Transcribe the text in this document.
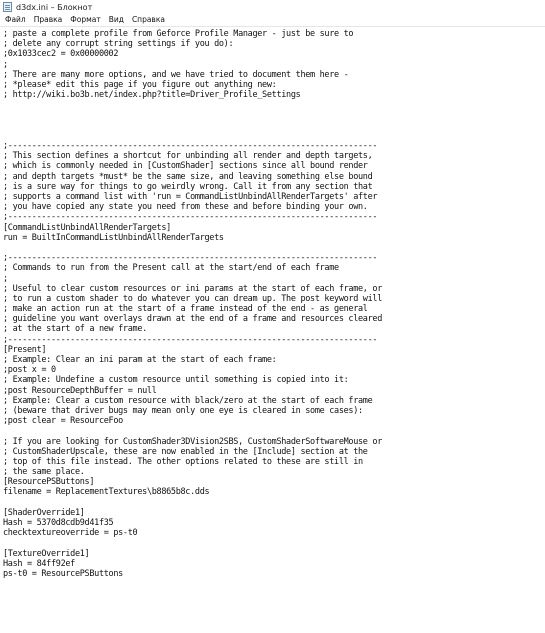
d3dx.ini – Блокнот
Файл	Правка	Формат	Вид	Справка
; paste a complete profile from Geforce Profile Manager - just be sure to
; delete any corrupt string settings if you do):
;0x1033cec2 = 0x00000002
;
; There are many more options, and we have tried to document them here -
; *please* edit this page if you figure out anything new:
; http://wiki.bo3b.net/index.php?title=Driver_Profile_Settings
;-----------------------------------------------------------------------------
; This section defines a shortcut for unbinding all render and depth targets,
; which is commonly needed in [CustomShader] sections since all bound render
; and depth targets *must* be the same size, and leaving something else bound
; is a sure way for things to go weirdly wrong. Call it from any section that
; supports a command list with 'run = CommandListUnbindAllRenderTargets' after
; you have copied any state you need from these and before binding your own.
;-----------------------------------------------------------------------------
[CommandListUnbindAllRenderTargets]
run = BuiltInCommandListUnbindAllRenderTargets
;-----------------------------------------------------------------------------
; Commands to run from the Present call at the start/end of each frame
;
; Useful to clear custom resources or ini params at the start of each frame, or
; to run a custom shader to do whatever you can dream up. The post keyword will
; make an action run at the start of a frame instead of the end - as general
; guideline you want overlays drawn at the end of a frame and resources cleared
; at the start of a new frame.
;-----------------------------------------------------------------------------
[Present]
; Example: Clear an ini param at the start of each frame:
;post x = 0
; Example: Undefine a custom resource until something is copied into it:
;post ResourceDepthBuffer = null
; Example: Clear a custom resource with black/zero at the start of each frame
; (beware that driver bugs may mean only one eye is cleared in some cases):
;post clear = ResourceFoo
; If you are looking for CustomShader3DVision2SBS, CustomShaderSoftwareMouse or
; CustomShaderUpscale, these are now enabled in the [Include] section at the
; top of this file instead. The other options related to these are still in
; the same place.
[ResourcePSButtons]
filename = ReplacementTextures\b8865b8c.dds
[ShaderOverride1]
Hash = 5370d8cdb9d41f35
checktextureoverride = ps-t0
[TextureOverride1]
Hash = 84ff92ef
ps-t0 = ResourcePSButtons
